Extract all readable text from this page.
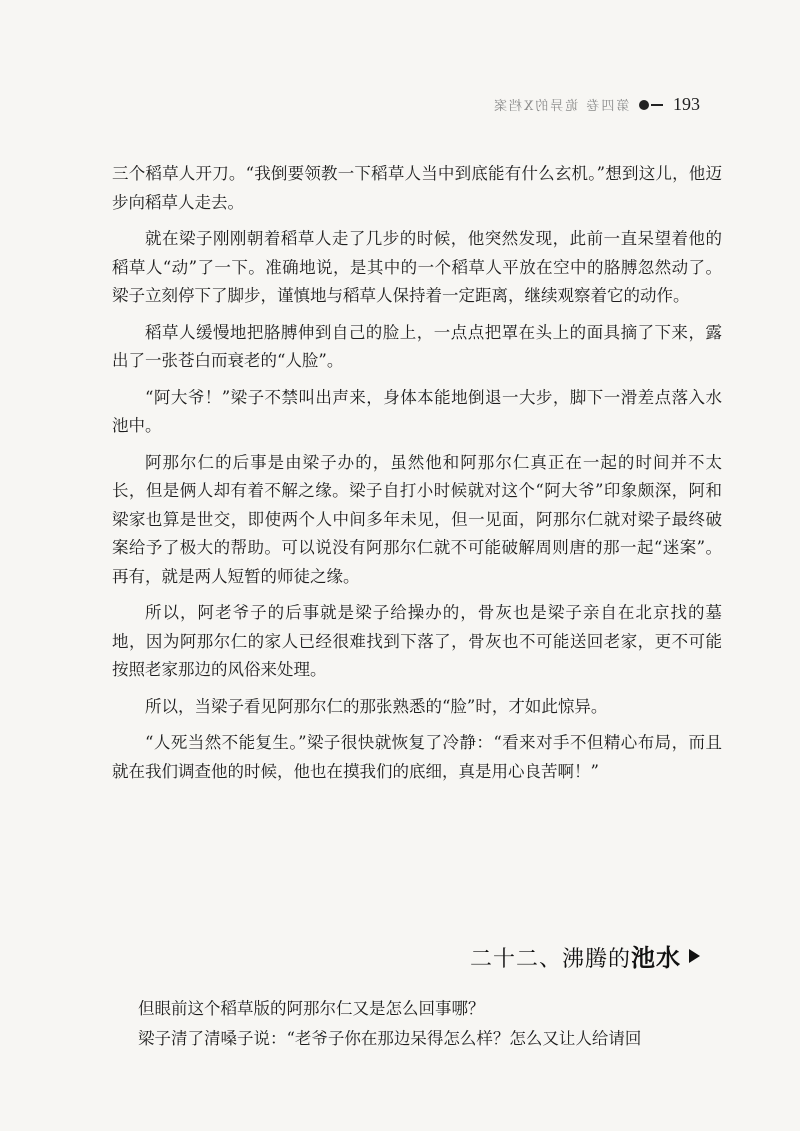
第四卷 诡异的X档案 193

三个稻草人开刀。“我倒要领教一下稻草人当中到底能有什么玄机。”想到这儿，他迈步向稻草人走去。

就在梁子刚刚朝着稻草人走了几步的时候，他突然发现，此前一直呆望着他的稻草人“动”了一下。准确地说，是其中的一个稻草人平放在空中的胳膊忽然动了。梁子立刻停下了脚步，谨慎地与稻草人保持着一定距离，继续观察着它的动作。

稻草人缓慢地把胳膊伸到自己的脸上，一点点把罩在头上的面具摘了下来，露出了一张苍白而衰老的“人脸”。

“阿大爷！”梁子不禁叫出声来，身体本能地倒退一大步，脚下一滑差点落入水池中。

阿那尔仁的后事是由梁子办的，虽然他和阿那尔仁真正在一起的时间并不太长，但是俩人却有着不解之缘。梁子自打小时候就对这个“阿大爷”印象颇深，阿和梁家也算是世交，即使两个人中间多年未见，但一见面，阿那尔仁就对梁子最终破案给予了极大的帮助。可以说没有阿那尔仁就不可能破解周则唐的那一起“迷案”。再有，就是两人短暂的师徒之缘。

所以，阿老爷子的后事就是梁子给操办的，骨灰也是梁子亲自在北京找的墓地，因为阿那尔仁的家人已经很难找到下落了，骨灰也不可能送回老家，更不可能按照老家那边的风俗来处理。

所以，当梁子看见阿那尔仁的那张熟悉的“脸”时，才如此惊异。

“人死当然不能复生。”梁子很快就恢复了冷静：“看来对手不但精心布局，而且就在我们调查他的时候，他也在摸我们的底细，真是用心良苦啊！”

二十二、沸腾的池水

但眼前这个稻草版的阿那尔仁又是怎么回事哪？

梁子清了清嗓子说：“老爷子你在那边呆得怎么样？怎么又让人给请回
